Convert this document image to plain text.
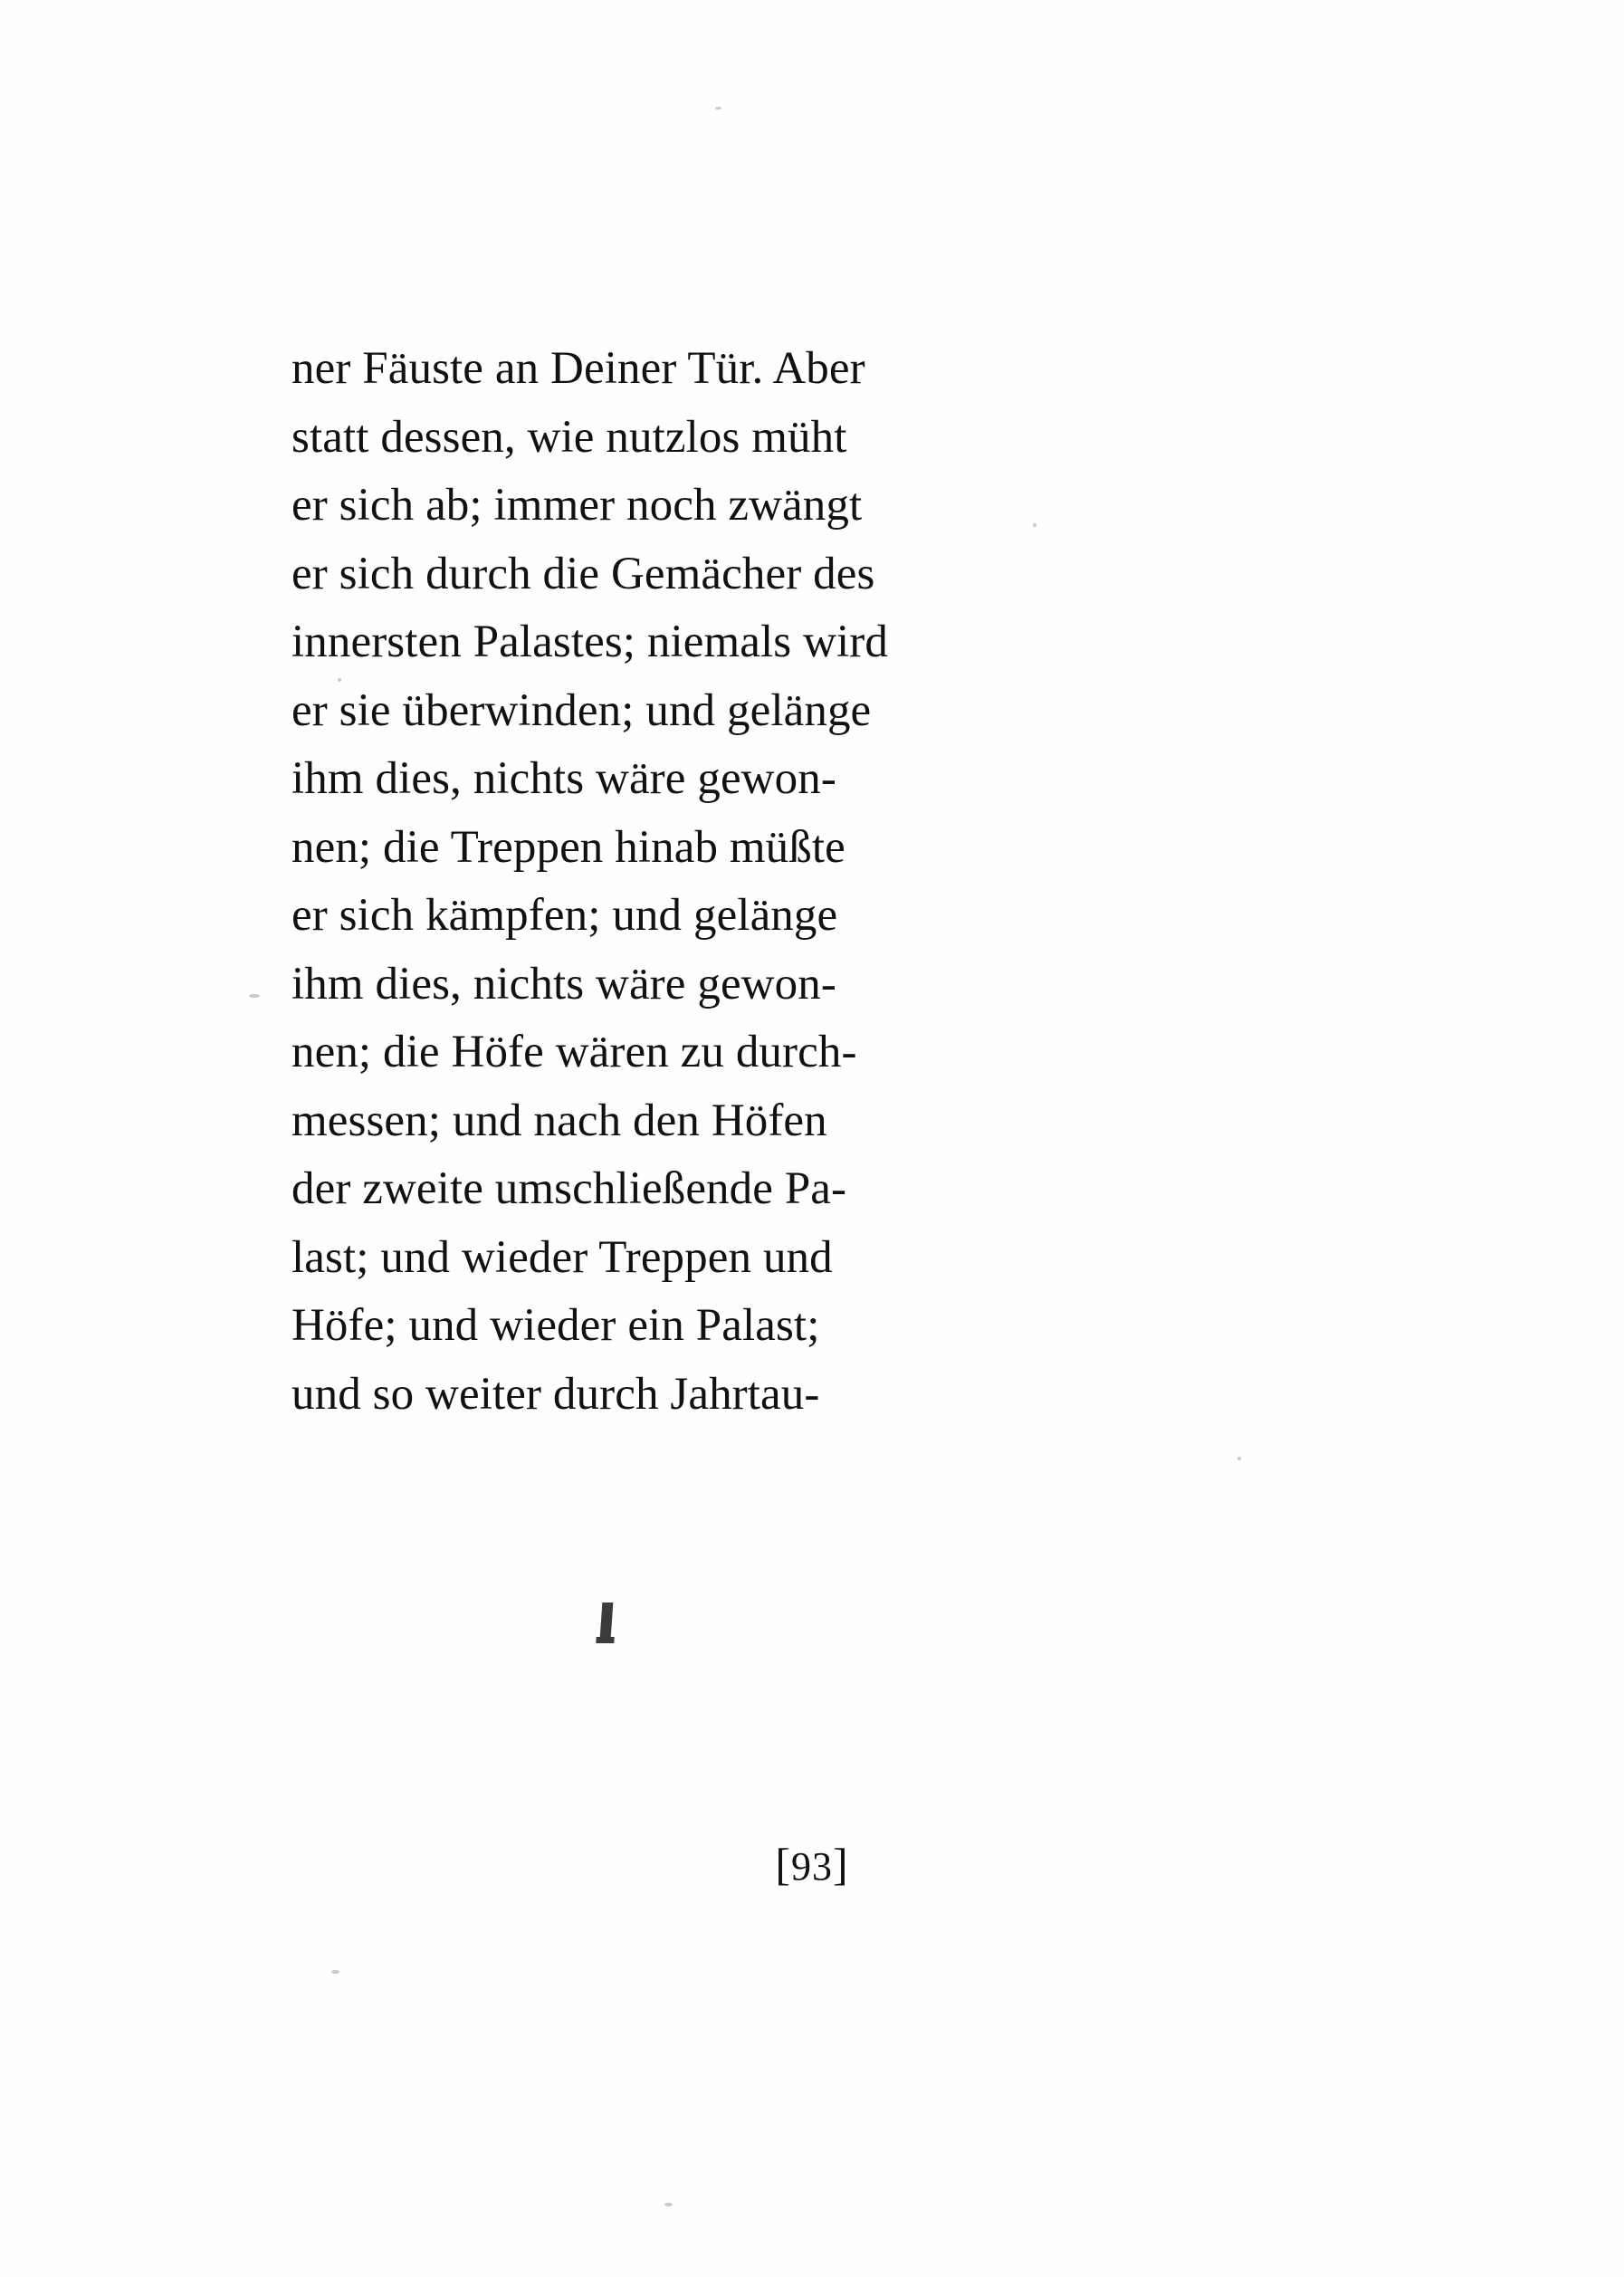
ner Fäuste an Deiner Tür. Aber
statt dessen, wie nutzlos müht
er sich ab; immer noch zwängt
er sich durch die Gemächer des
innersten Palastes; niemals wird
er sie überwinden; und gelänge
ihm dies, nichts wäre gewon-
nen; die Treppen hinab müßte
er sich kämpfen; und gelänge
ihm dies, nichts wäre gewon-
nen; die Höfe wären zu durch-
messen; und nach den Höfen
der zweite umschließende Pa-
last; und wieder Treppen und
Höfe; und wieder ein Palast;
und so weiter durch Jahrtau-
[93]
